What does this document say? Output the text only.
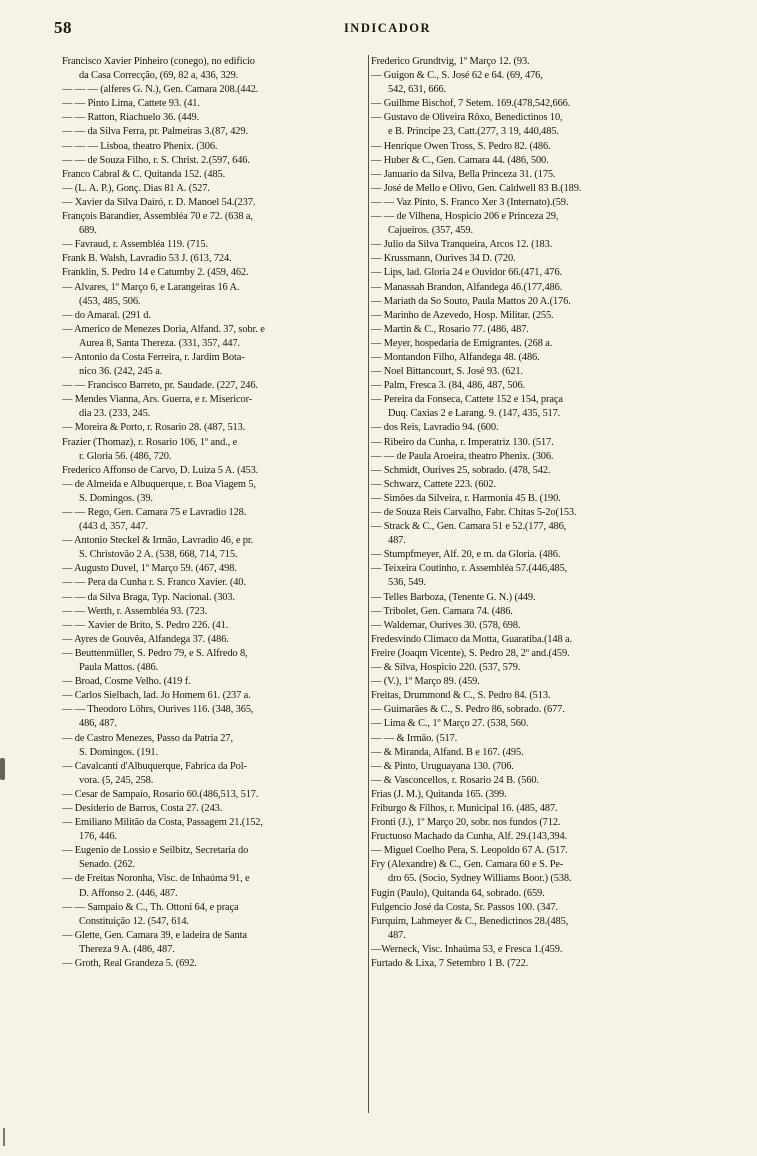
58	INDICADOR
Francisco Xavier Pinheiro (conego), no edificio
da Casa Correcção, (69, 82 a, 436, 329.
— — — (alferes G. N.), Gen. Camara 208.(442.
— — Pinto Lima, Cattete 93. (41.
— — Ratton, Riachuelo 36. (449.
— — da Silva Ferra, pr. Palmeiras 3.(87, 429.
— — — Lisboa, theatro Phenix. (306.
— — de Souza Filho, r. S. Christ. 2.(597, 646.
Franco Cabral & C. Quitanda 152. (485.
— (L. A. P.), Gonç. Dias 81 A. (527.
— Xavier da Silva Dairó, r. D. Manoel 54.(237.
François Barandier, Assembléa 70 e 72. (638 a,
689.
— Favraud, r. Assembléa 119. (715.
Frank B. Walsh, Lavradio 53 J. (613, 724.
Franklin, S. Pedro 14 e Catumby 2. (459, 462.
— Alvares, 1º Março 6, e Larangeiras 16 A.
(453, 485, 506.
— do Amaral. (291 d.
— Americo de Menezes Doria, Alfand. 37, sobr. e
Aurea 8, Santa Thereza. (331, 357, 447.
— Antonio da Costa Ferreira, r. Jardim Bota-
nico 36. (242, 245 a.
— — Francisco Barreto, pr. Saudade. (227, 246.
— Mendes Vianna, Ars. Guerra, e r. Misericor-
dia 23. (233, 245.
— Moreira & Porto, r. Rosario 28. (487, 513.
Frazier (Thomaz), r. Rosario 106, 1º and., e
r. Gloria 56. (486, 720.
Frederico Affonso de Carvo, D. Luiza 5 A. (453.
— de Almeida e Albuquerque, r. Boa Viagem 5,
S. Domingos. (39.
— — Rego, Gen. Camara 75 e Lavradio 128.
(443 d, 357, 447.
— Antonio Steckel & Irmão, Lavradio 46, e pr.
S. Christovão 2 A. (538, 668, 714, 715.
— Augusto Duvel, 1º Março 59. (467, 498.
— — Pera da Cunha r. S. Franco Xavier. (40.
— — da Silva Braga, Typ. Nacional. (303.
— — Werth, r. Assembléa 93. (723.
— — Xavier de Brito, S. Pedro 226. (41.
— Ayres de Gouvêa, Alfandega 37. (486.
— Beuttenmüller, S. Pedro 79, e S. Alfredo 8,
Paula Mattos. (486.
— Broad, Cosme Velho. (419 f.
— Carlos Sielbach, lad. Jo Homem 61. (237 a.
— — Theodoro Löhrs, Ourives 116. (348, 365,
486, 487.
— de Castro Menezes, Passo da Patria 27,
S. Domingos. (191.
— Cavalcanti d'Albuquerque, Fabrica da Pol-
vora. (5, 245, 258.
— Cesar de Sampaio, Rosario 60.(486,513, 517.
— Desiderio de Barros, Costa 27. (243.
— Emiliano Militão da Costa, Passagem 21.(152,
176, 446.
— Eugenio de Lossio e Seilbitz, Secretaria do
Senado. (262.
— de Freitas Noronha, Visc. de Inhaúma 91, e
D. Affonso 2. (446, 487.
— — Sampaio & C., Th. Ottoni 64, e praça
Constituição 12. (547, 614.
— Glette, Gen. Camara 39, e ladeira de Santa
Thereza 9 A. (486, 487.
— Groth, Real Grandeza 5. (692.
Frederico Grundtvig, 1º Março 12. (93.
— Guigon & C., S. José 62 e 64. (69, 476,
542, 631, 666.
— Guilhme Bischof, 7 Setem. 169.(478,542,666.
— Gustavo de Oliveira Rôxo, Benedictinos 10,
e B. Principe 23, Catt.(277, 3 19, 440,485.
— Henrique Owen Tross, S. Pedro 82. (486.
— Huber & C., Gen. Camara 44. (486, 500.
— Januario da Silva, Bella Princeza 31. (175.
— José de Mello e Olivo, Gen. Caldwell 83 B.(189.
— — Vaz Pinto, S. Franco Xer 3 (Internato).(59.
— — de Vilhena, Hospicio 206 e Princeza 29,
Cajueiros. (357, 459.
— Julio da Silva Tranqueira, Arcos 12. (183.
— Krussmann, Ourives 34 D. (720.
— Lips, lad. Gloria 24 e Ouvidor 66.(471, 476.
— Manassah Brandon, Alfandega 46.(177,486.
— Mariath da So Souto, Paula Mattos 20 A.(176.
— Marinho de Azevedo, Hosp. Militar. (255.
— Martin & C., Rosario 77. (486, 487.
— Meyer, hospedaria de Emigrantes. (268 a.
— Montandon Filho, Alfandega 48. (486.
— Noel Bittancourt, S. José 93. (621.
— Palm, Fresca 3. (84, 486, 487, 506.
— Pereira da Fonseca, Cattete 152 e 154, praça
Duq. Caxias 2 e Larang. 9. (147, 435, 517.
— dos Reis, Lavradio 94. (600.
— Ribeiro da Cunha, r. Imperatriz 130. (517.
— — de Paula Aroeira, theatro Phenix. (306.
— Schmidt, Ourives 25, sobrado. (478, 542.
— Schwarz, Cattete 223. (602.
— Simões da Silveira, r. Harmonia 45 B. (190.
— de Souza Reis Carvalho, Fabr. Chitas 5-2o(153.
— Strack & C., Gen. Camara 51 e 52.(177, 486,
487.
— Stumpfmeyer, Alf. 20, e m. da Gloria. (486.
— Teixeira Coutinho, r. Assembléa 57.(446,485,
536, 549.
— Telles Barboza, (Tenente G. N.) (449.
— Tribolet, Gen. Camara 74. (486.
— Waldemar, Ourives 30. (578, 698.
Fredesvindo Climaco da Motta, Guaratiba.(148 a.
Freire (Joaqm Vicente), S. Pedro 28, 2º and.(459.
— & Silva, Hospicio 220. (537, 579.
— (V.), 1º Março 89. (459.
Freitas, Drummond & C., S. Pedro 84. (513.
— Guimarães & C., S. Pedro 86, sobrado. (677.
— Lima & C., 1º Março 27. (538, 560.
— — & Irmão. (517.
— & Miranda, Alfand. B e 167. (495.
— & Pinto, Uruguayana 130. (706.
— & Vasconcellos, r. Rosario 24 B. (560.
Frias (J. M.), Quitanda 165. (399.
Friburgo & Filhos, r. Municipal 16. (485, 487.
Fronti (J.), 1º Março 20, sobr. nos fundos (712.
Fructuoso Machado da Cunha, Alf. 29.(143,394.
— Miguel Coelho Pera, S. Leopoldo 67 A. (517.
Fry (Alexandre) & C., Gen. Camara 60 e S. Pe-
dro 65. (Socio, Sydney Williams Boor.) (538.
Fugin (Paulo), Quitanda 64, sobrado. (659.
Fulgencio José da Costa, Sr. Passos 100. (347.
Furquim, Lahmeyer & C., Benedictinos 28.(485,
487.
—Werneck, Visc. Inhaúma 53, e Fresca 1.(459.
Furtado & Lixa, 7 Setembro 1 B. (722.
